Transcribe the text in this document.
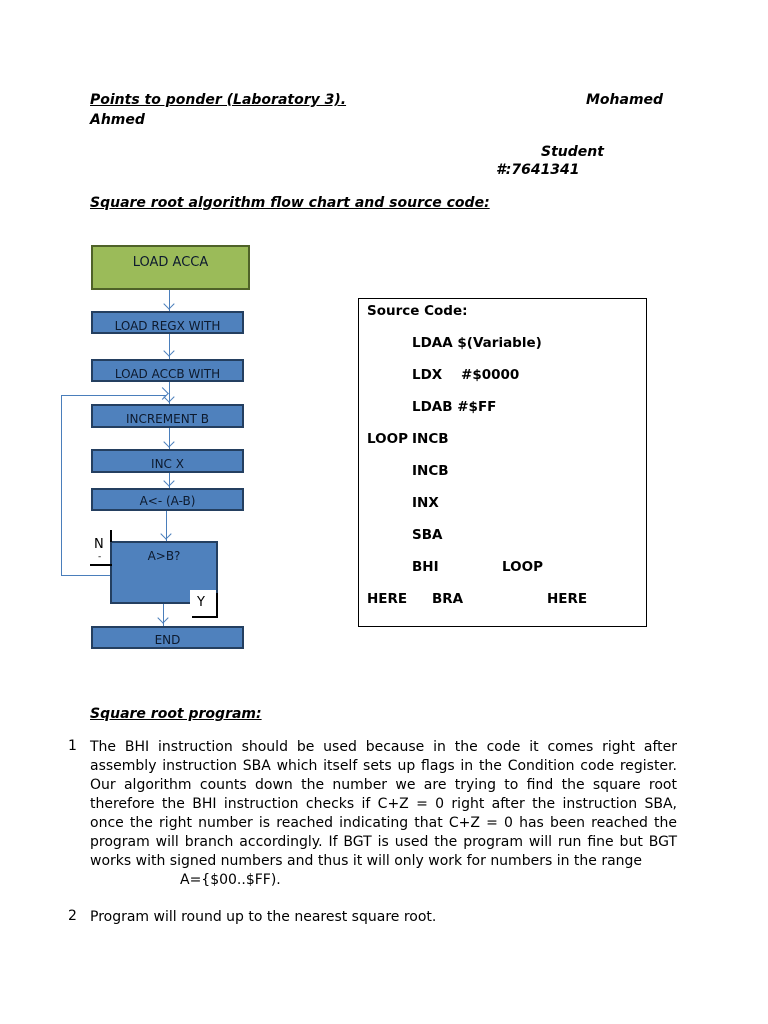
Points to ponder (Laboratory 3).	Mohamed
Ahmed
Student
#:7641341
Square root algorithm flow chart and source code:
LOAD ACCA
LOAD REGX WITH
LOAD ACCB WITH
INCREMENT B
INC X
A<- (A-B)
A>B?
N
-
Y
END
Source Code:
LDAA $(Variable)
LDX    #$0000
LDAB #$FF
LOOP INCB
INCB
INX
SBA
BHI	LOOP
HERE BRA	HERE
Square root program:
1 The BHI instruction should be used because in the code it comes right after assembly instruction SBA which itself sets up flags in the Condition code register. Our algorithm counts down the number we are trying to find the square root therefore the BHI instruction checks if C+Z = 0 right after the instruction SBA, once the right number is reached indicating that C+Z = 0 has been reached the program will branch accordingly. If BGT is used the program will run fine but BGT works with signed numbers and thus it will only work for numbers in the range
A={$00..$FF).
2 Program will round up to the nearest square root.
